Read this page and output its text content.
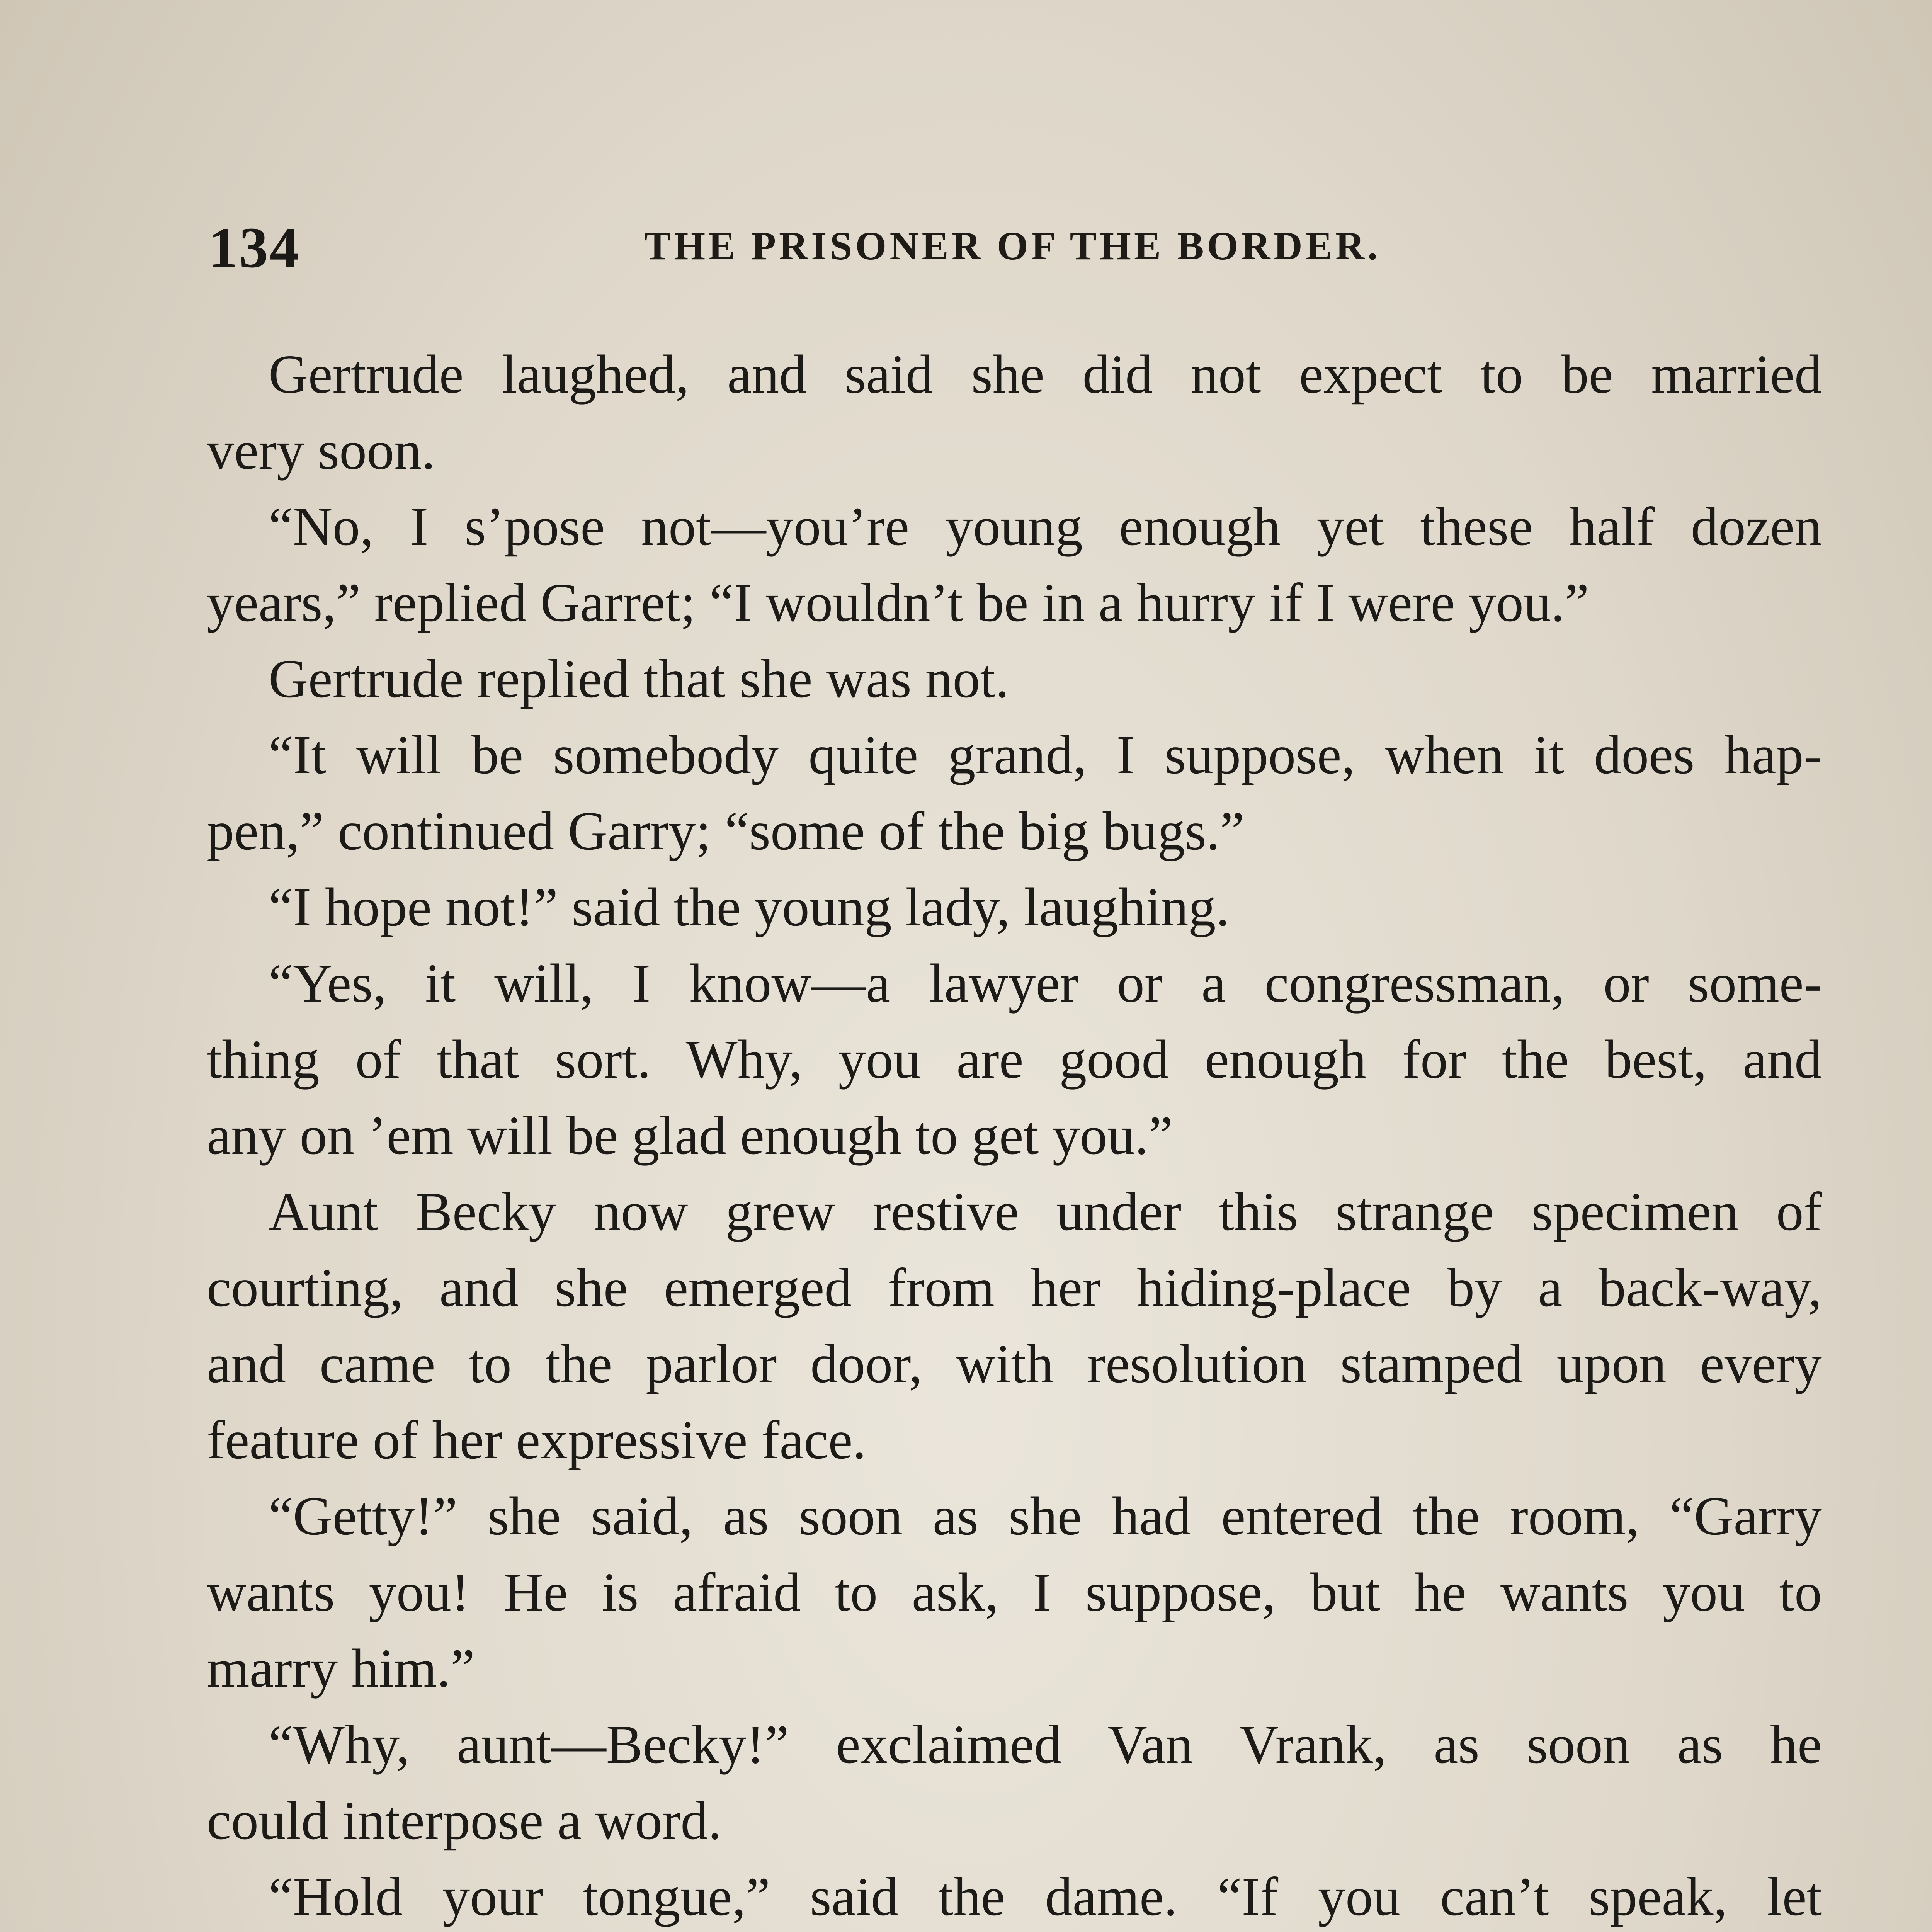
134	THE PRISONER OF THE BORDER.
Gertrude laughed, and said she did not expect to be married
very soon.
“No, I s’pose not—you’re young enough yet these half dozen
years,” replied Garret; “I wouldn’t be in a hurry if I were you.”
Gertrude replied that she was not.
“It will be somebody quite grand, I suppose, when it does hap-
pen,” continued Garry; “some of the big bugs.”
“I hope not!” said the young lady, laughing.
“Yes, it will, I know—a lawyer or a congressman, or some-
thing of that sort. Why, you are good enough for the best, and
any on ’em will be glad enough to get you.”
Aunt Becky now grew restive under this strange specimen of
courting, and she emerged from her hiding-place by a back-way,
and came to the parlor door, with resolution stamped upon every
feature of her expressive face.
“Getty!” she said, as soon as she had entered the room, “Garry
wants you! He is afraid to ask, I suppose, but he wants you to
marry him.”
“Why, aunt—Becky!” exclaimed Van Vrank, as soon as he
could interpose a word.
“Hold your tongue,” said the dame. “If you can’t speak, let
